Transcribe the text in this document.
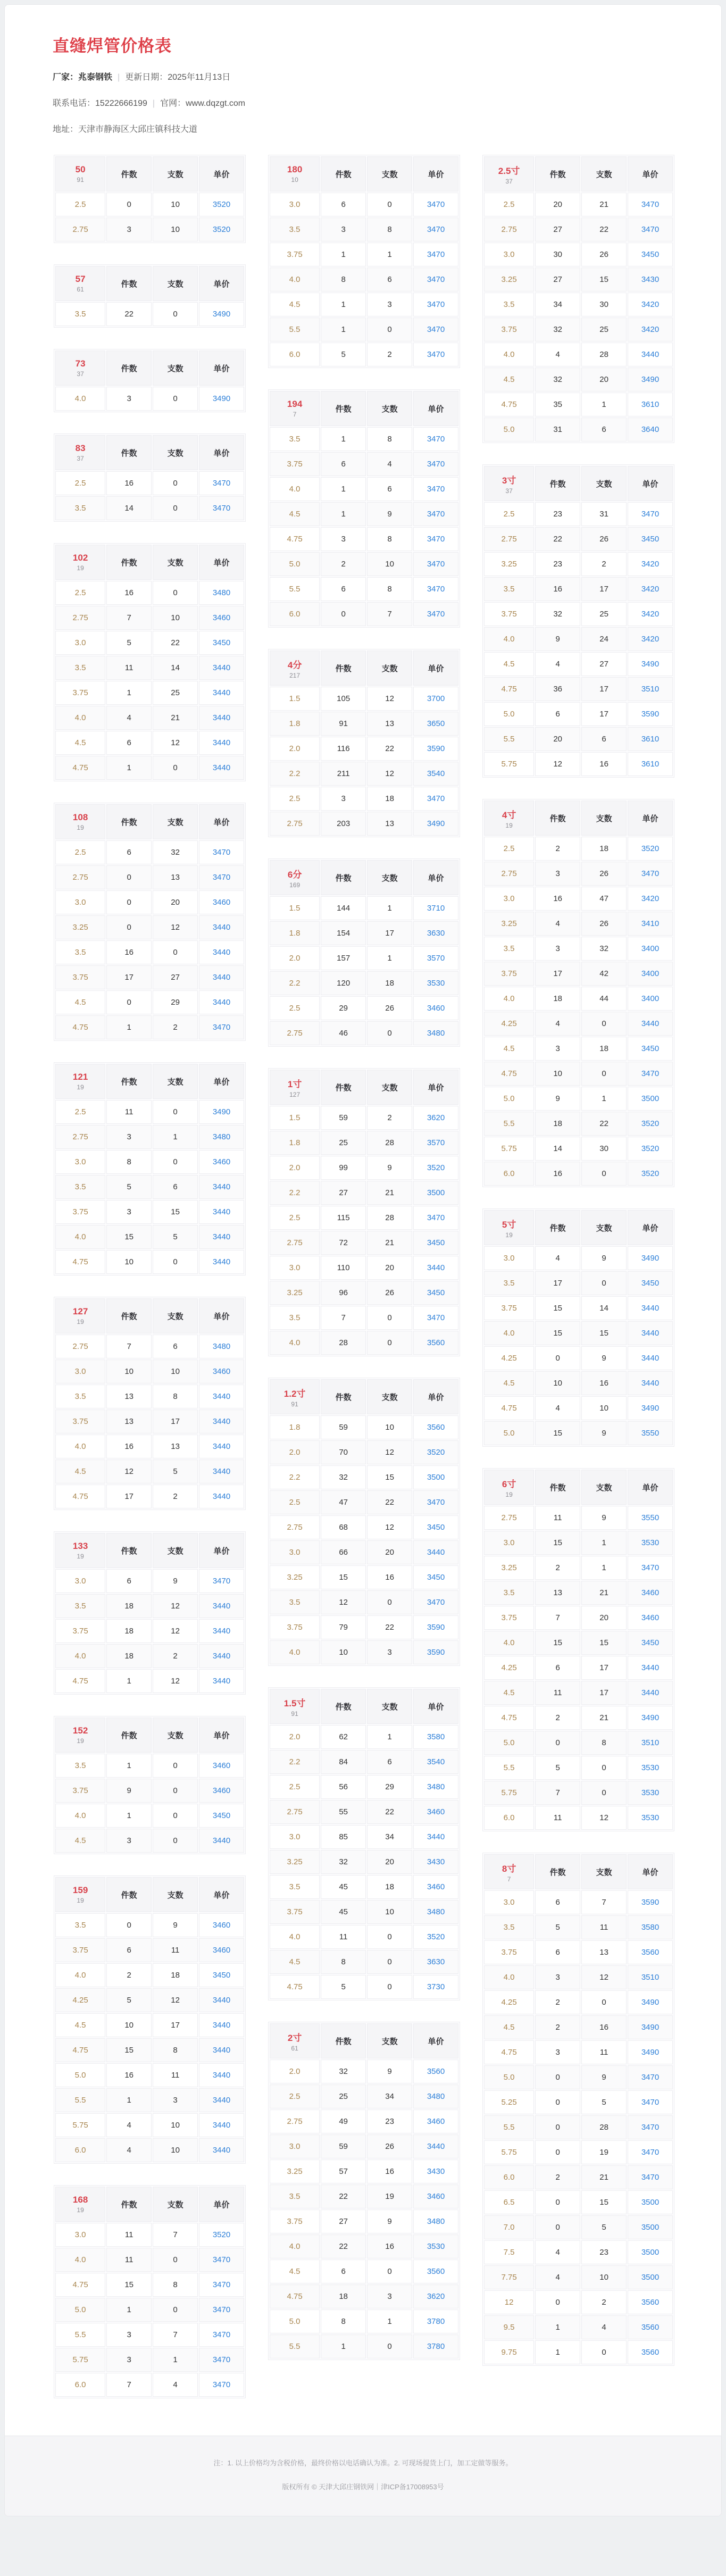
直缝焊管价格表
厂家：兆泰钢铁 | 更新日期：2025年11月13日
联系电话：15222666199 | 官网：www.dqzgt.com
地址：天津市静海区大邱庄镇科技大道
50
91	件数	支数	单价
2.5	0	10	3520
2.75	3	10	3520
57
61	件数	支数	单价
3.5	22	0	3490
73
37	件数	支数	单价
4.0	3	0	3490
83
37	件数	支数	单价
2.5	16	0	3470
3.5	14	0	3470
102
19	件数	支数	单价
2.5	16	0	3480
2.75	7	10	3460
3.0	5	22	3450
3.5	11	14	3440
3.75	1	25	3440
4.0	4	21	3440
4.5	6	12	3440
4.75	1	0	3440
108
19	件数	支数	单价
2.5	6	32	3470
2.75	0	13	3470
3.0	0	20	3460
3.25	0	12	3440
3.5	16	0	3440
3.75	17	27	3440
4.5	0	29	3440
4.75	1	2	3470
121
19	件数	支数	单价
2.5	11	0	3490
2.75	3	1	3480
3.0	8	0	3460
3.5	5	6	3440
3.75	3	15	3440
4.0	15	5	3440
4.75	10	0	3440
127
19	件数	支数	单价
2.75	7	6	3480
3.0	10	10	3460
3.5	13	8	3440
3.75	13	17	3440
4.0	16	13	3440
4.5	12	5	3440
4.75	17	2	3440
133
19	件数	支数	单价
3.0	6	9	3470
3.5	18	12	3440
3.75	18	12	3440
4.0	18	2	3440
4.75	1	12	3440
152
19	件数	支数	单价
3.5	1	0	3460
3.75	9	0	3460
4.0	1	0	3450
4.5	3	0	3440
159
19	件数	支数	单价
3.5	0	9	3460
3.75	6	11	3460
4.0	2	18	3450
4.25	5	12	3440
4.5	10	17	3440
4.75	15	8	3440
5.0	16	11	3440
5.5	1	3	3440
5.75	4	10	3440
6.0	4	10	3440
168
19	件数	支数	单价
3.0	11	7	3520
4.0	11	0	3470
4.75	15	8	3470
5.0	1	0	3470
5.5	3	7	3470
5.75	3	1	3470
6.0	7	4	3470
180
10	件数	支数	单价
3.0	6	0	3470
3.5	3	8	3470
3.75	1	1	3470
4.0	8	6	3470
4.5	1	3	3470
5.5	1	0	3470
6.0	5	2	3470
194
7	件数	支数	单价
3.5	1	8	3470
3.75	6	4	3470
4.0	1	6	3470
4.5	1	9	3470
4.75	3	8	3470
5.0	2	10	3470
5.5	6	8	3470
6.0	0	7	3470
4分
217	件数	支数	单价
1.5	105	12	3700
1.8	91	13	3650
2.0	116	22	3590
2.2	211	12	3540
2.5	3	18	3470
2.75	203	13	3490
6分
169	件数	支数	单价
1.5	144	1	3710
1.8	154	17	3630
2.0	157	1	3570
2.2	120	18	3530
2.5	29	26	3460
2.75	46	0	3480
1寸
127	件数	支数	单价
1.5	59	2	3620
1.8	25	28	3570
2.0	99	9	3520
2.2	27	21	3500
2.5	115	28	3470
2.75	72	21	3450
3.0	110	20	3440
3.25	96	26	3450
3.5	7	0	3470
4.0	28	0	3560
1.2寸
91	件数	支数	单价
1.8	59	10	3560
2.0	70	12	3520
2.2	32	15	3500
2.5	47	22	3470
2.75	68	12	3450
3.0	66	20	3440
3.25	15	16	3450
3.5	12	0	3470
3.75	79	22	3590
4.0	10	3	3590
1.5寸
91	件数	支数	单价
2.0	62	1	3580
2.2	84	6	3540
2.5	56	29	3480
2.75	55	22	3460
3.0	85	34	3440
3.25	32	20	3430
3.5	45	18	3460
3.75	45	10	3480
4.0	11	0	3520
4.5	8	0	3630
4.75	5	0	3730
2寸
61	件数	支数	单价
2.0	32	9	3560
2.5	25	34	3480
2.75	49	23	3460
3.0	59	26	3440
3.25	57	16	3430
3.5	22	19	3460
3.75	27	9	3480
4.0	22	16	3530
4.5	6	0	3560
4.75	18	3	3620
5.0	8	1	3780
5.5	1	0	3780
2.5寸
37	件数	支数	单价
2.5	20	21	3470
2.75	27	22	3470
3.0	30	26	3450
3.25	27	15	3430
3.5	34	30	3420
3.75	32	25	3420
4.0	4	28	3440
4.5	32	20	3490
4.75	35	1	3610
5.0	31	6	3640
3寸
37	件数	支数	单价
2.5	23	31	3470
2.75	22	26	3450
3.25	23	2	3420
3.5	16	17	3420
3.75	32	25	3420
4.0	9	24	3420
4.5	4	27	3490
4.75	36	17	3510
5.0	6	17	3590
5.5	20	6	3610
5.75	12	16	3610
4寸
19	件数	支数	单价
2.5	2	18	3520
2.75	3	26	3470
3.0	16	47	3420
3.25	4	26	3410
3.5	3	32	3400
3.75	17	42	3400
4.0	18	44	3400
4.25	4	0	3440
4.5	3	18	3450
4.75	10	0	3470
5.0	9	1	3500
5.5	18	22	3520
5.75	14	30	3520
6.0	16	0	3520
5寸
19	件数	支数	单价
3.0	4	9	3490
3.5	17	0	3450
3.75	15	14	3440
4.0	15	15	3440
4.25	0	9	3440
4.5	10	16	3440
4.75	4	10	3490
5.0	15	9	3550
6寸
19	件数	支数	单价
2.75	11	9	3550
3.0	15	1	3530
3.25	2	1	3470
3.5	13	21	3460
3.75	7	20	3460
4.0	15	15	3450
4.25	6	17	3440
4.5	11	17	3440
4.75	2	21	3490
5.0	0	8	3510
5.5	5	0	3530
5.75	7	0	3530
6.0	11	12	3530
8寸
7	件数	支数	单价
3.0	6	7	3590
3.5	5	11	3580
3.75	6	13	3560
4.0	3	12	3510
4.25	2	0	3490
4.5	2	16	3490
4.75	3	11	3490
5.0	0	9	3470
5.25	0	5	3470
5.5	0	28	3470
5.75	0	19	3470
6.0	2	21	3470
6.5	0	15	3500
7.0	0	5	3500
7.5	4	23	3500
7.75	4	10	3500
12	0	2	3560
9.5	1	4	3560
9.75	1	0	3560
注：1. 以上价格均为含税价格，最终价格以电话确认为准。2. 可现场提货上门，加工定做等服务。
版权所有 © 天津大邱庄钢铁网｜津ICP备17008953号
